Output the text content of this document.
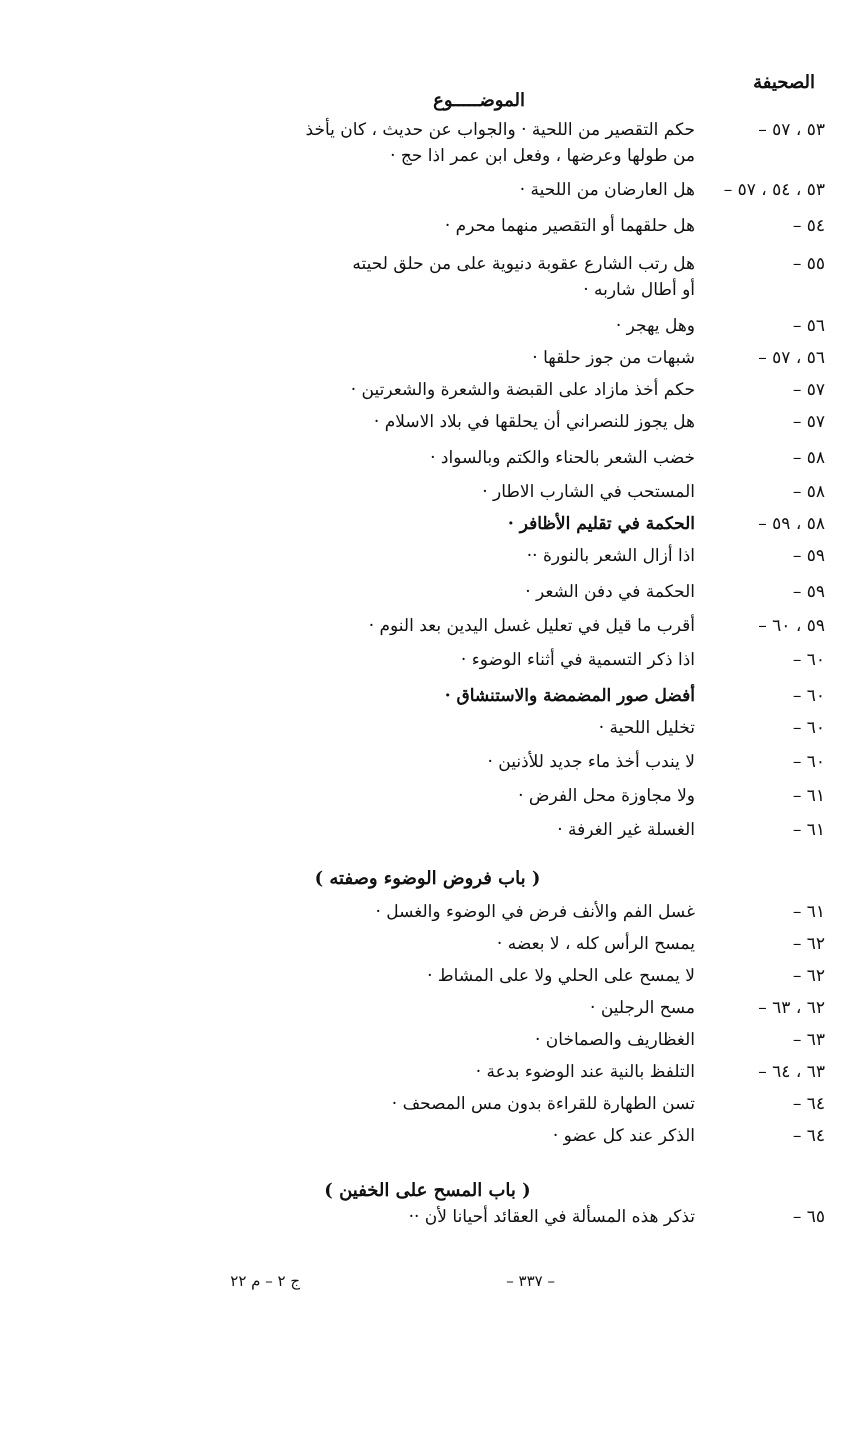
الصحيفة
الموضـــــوع
٥٣ ، ٥٧ –
حكم التقصير من اللحية · والجواب عن حديث ، كان يأخذ
من طولها وعرضها ، وفعل ابن عمر اذا حج ·
٥٣ ، ٥٤ ، ٥٧ –
هل العارضان من اللحية ·
٥٤ –
هل حلقهما أو التقصير منهما محرم ·
٥٥ –
هل رتب الشارع عقوبة دنيوية على من حلق لحيته
أو أطال شاربه ·
٥٦ –
وهل يهجر ·
٥٦ ، ٥٧ –
شبهات من جوز حلقها ·
٥٧ –
حكم أخذ مازاد على القبضة والشعرة والشعرتين ·
٥٧ –
هل يجوز للنصراني أن يحلقها في بلاد الاسلام ·
٥٨ –
خضب الشعر بالحناء والكتم وبالسواد ·
٥٨ –
المستحب في الشارب الاطار ·
٥٨ ، ٥٩ –
الحكمة في تقليم الأظافر ·
٥٩ –
اذا أزال الشعر بالنورة ··
٥٩ –
الحكمة في دفن الشعر ·
٥٩ ، ٦٠ –
أقرب ما قيل في تعليل غسل اليدين بعد النوم ·
٦٠ –
اذا ذكر التسمية في أثناء الوضوء ·
٦٠ –
أفضل صور المضمضة والاستنشاق ·
٦٠ –
تخليل اللحية ·
٦٠ –
لا يندب أخذ ماء جديد للأذنين ·
٦١ –
ولا مجاوزة محل الفرض ·
٦١ –
الغسلة غير الغرفة ·
( باب فروض الوضوء وصفته )
٦١ –
غسل الفم والأنف فرض في الوضوء والغسل ·
٦٢ –
يمسح الرأس كله ، لا بعضه ·
٦٢ –
لا يمسح على الحلي ولا على المشاط ·
٦٢ ، ٦٣ –
مسح الرجلين ·
٦٣ –
الغظاريف والصماخان ·
٦٣ ، ٦٤ –
التلفظ بالنية عند الوضوء بدعة ·
٦٤ –
تسن الطهارة للقراءة بدون مس المصحف ·
٦٤ –
الذكر عند كل عضو ·
( باب المسح على الخفين )
٦٥ –
تذكر هذه المسألة في العقائد أحيانا لأن ··
– ٣٣٧ –
ج ٢ – م ٢٢
